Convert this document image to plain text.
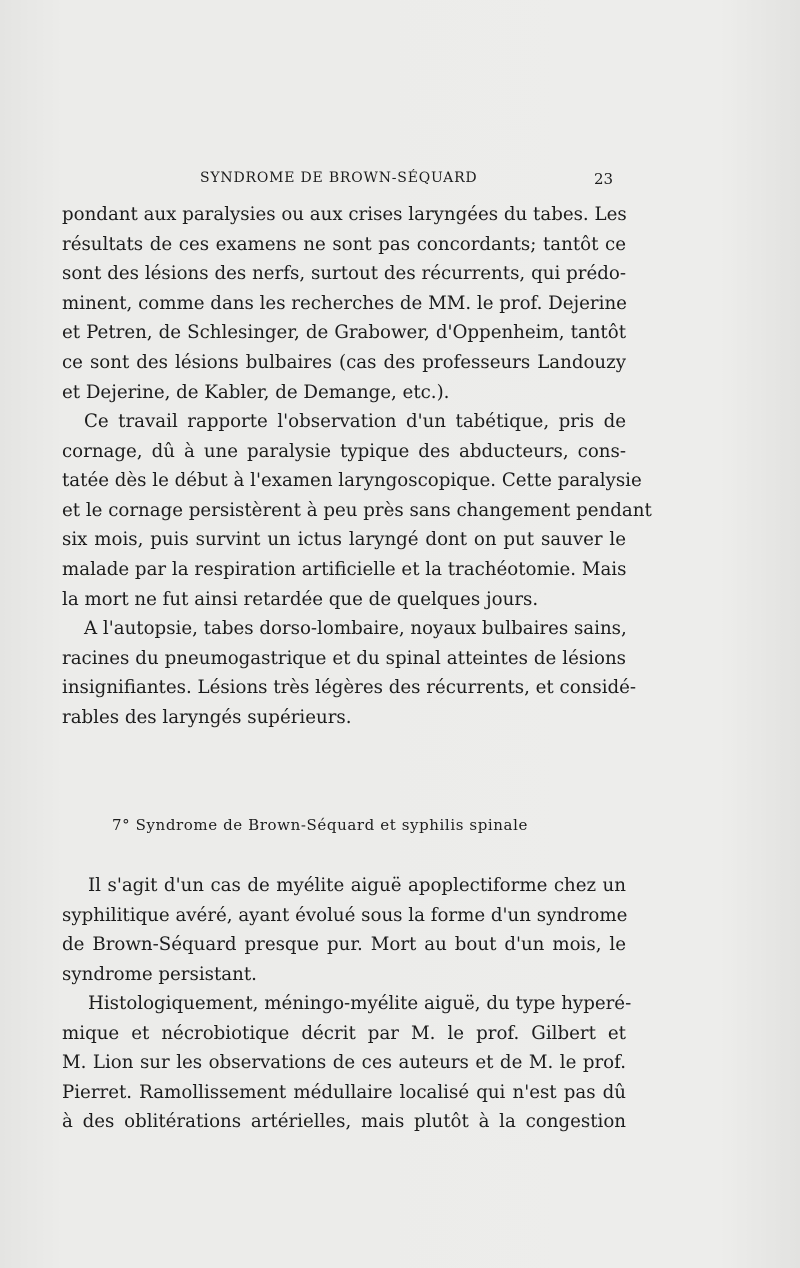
SYNDROME DE BROWN-SÉQUARD	23
pondant aux paralysies ou aux crises laryngées du tabes. Les
résultats de ces examens ne sont pas concordants; tantôt ce
sont des lésions des nerfs, surtout des récurrents, qui prédo-
minent, comme dans les recherches de MM. le prof. Dejerine
et Petren, de Schlesinger, de Grabower, d'Oppenheim, tantôt
ce sont des lésions bulbaires (cas des professeurs Landouzy
et Dejerine, de Kabler, de Demange, etc.).
Ce travail rapporte l'observation d'un tabétique, pris de
cornage, dû à une paralysie typique des abducteurs, cons-
tatée dès le début à l'examen laryngoscopique. Cette paralysie
et le cornage persistèrent à peu près sans changement pendant
six mois, puis survint un ictus laryngé dont on put sauver le
malade par la respiration artificielle et la trachéotomie. Mais
la mort ne fut ainsi retardée que de quelques jours.
A l'autopsie, tabes dorso-lombaire, noyaux bulbaires sains,
racines du pneumogastrique et du spinal atteintes de lésions
insignifiantes. Lésions très légères des récurrents, et considé-
rables des laryngés supérieurs.
7° Syndrome de Brown-Séquard et syphilis spinale
Il s'agit d'un cas de myélite aiguë apoplectiforme chez un
syphilitique avéré, ayant évolué sous la forme d'un syndrome
de Brown-Séquard presque pur. Mort au bout d'un mois, le
syndrome persistant.
Histologiquement, méningo-myélite aiguë, du type hyperé-
mique et nécrobiotique décrit par M. le prof. Gilbert et
M. Lion sur les observations de ces auteurs et de M. le prof.
Pierret. Ramollissement médullaire localisé qui n'est pas dû
à des oblitérations artérielles, mais plutôt à la congestion
